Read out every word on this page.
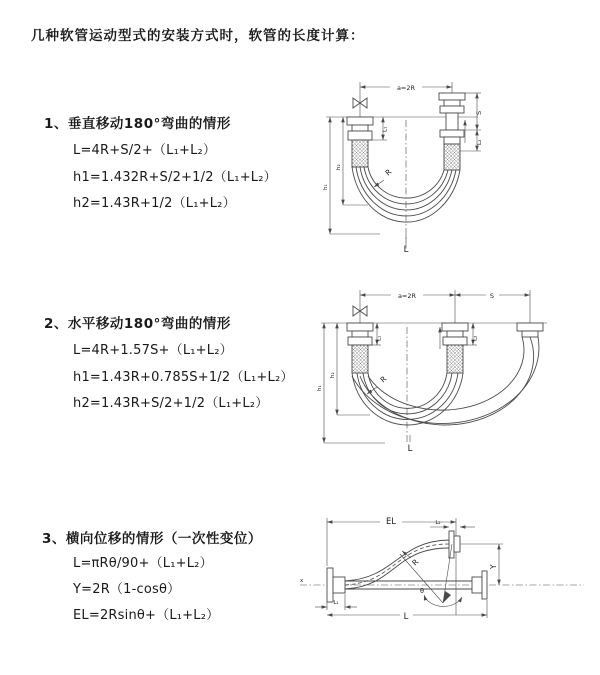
几种软管运动型式的安装方式时，软管的长度计算：
1、垂直移动180°弯曲的情形
L=4R+S/2+（L₁+L₂）
h1=1.432R+S/2+1/2（L₁+L₂）
h2=1.43R+1/2（L₁+L₂）
2、水平移动180°弯曲的情形
L=4R+1.57S+（L₁+L₂）
h1=1.43R+0.785S+1/2（L₁+L₂）
h2=1.43R+S/2+1/2（L₁+L₂）
3、横向位移的情形（一次性变位）
L=πRθ/90+（L₁+L₂）
Y=2R（1-cosθ）
EL=2Rsinθ+（L₁+L₂）
a=2R
L₁
S
L₂
h₂
h₁
R
L
a=2R	S
L₁	L₂
h₂
h₁
R
L
x
EL	L₂
Y
R
θ
L₁
L
